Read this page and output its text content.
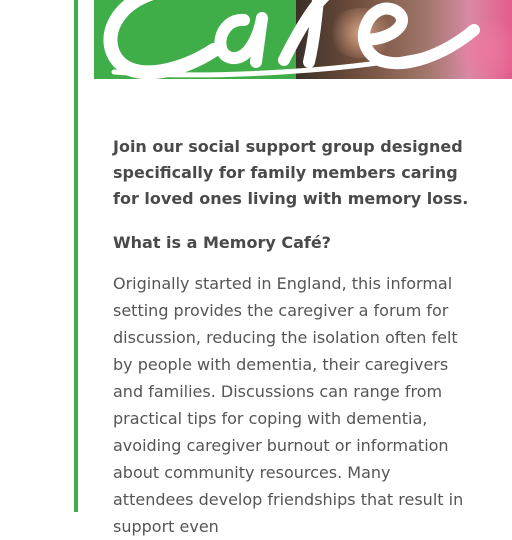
Join our social support group designed specifically for family members caring for loved ones living with memory loss.

What is a Memory Café?

Originally started in England, this informal setting provides the caregiver a forum for discussion, reducing the isolation often felt by people with dementia, their caregivers and families. Discussions can range from practical tips for coping with dementia, avoiding caregiver burnout or information about community resources. Many attendees develop friendships that result in support even
